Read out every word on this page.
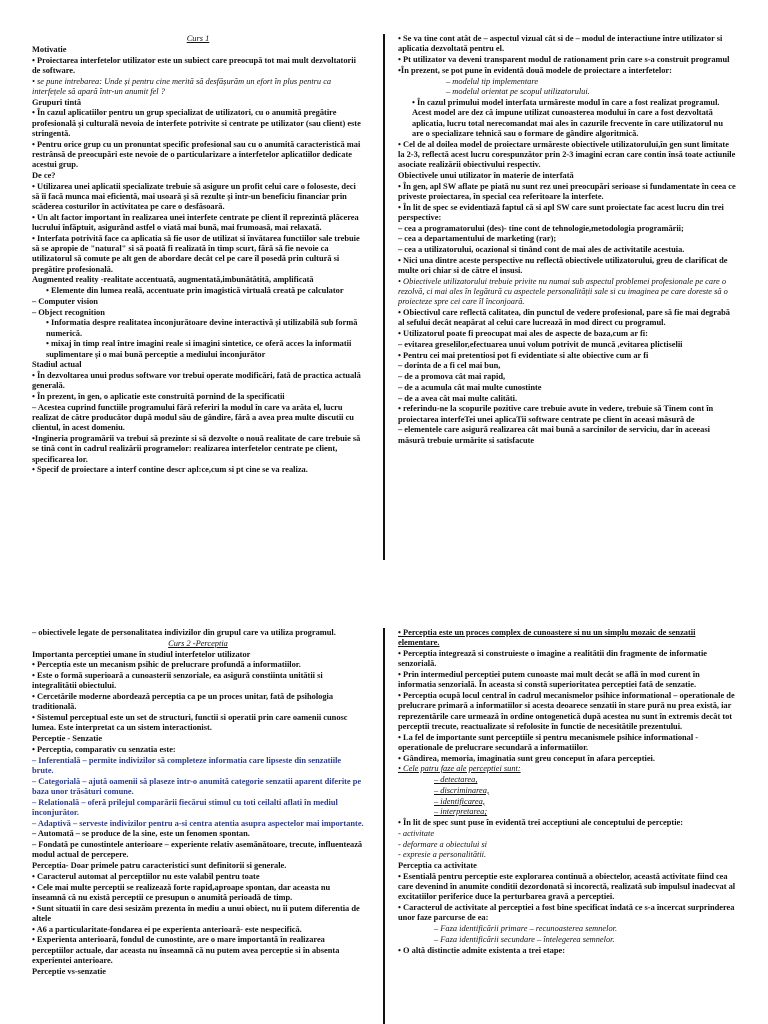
Curs 1

Motivatie

• Proiectarea interfetelor utilizator este un subiect care preocupă tot mai mult dezvoltatorii de software.

• se pune intrebarea: Unde și pentru cine merită să desfășurăm un efort în plus pentru ca interfețele să apară într-un anumit fel ?

Grupuri tintă

• În cazul aplicatiilor pentru un grup specializat de utilizatori, cu o anumită pregătire profesională și culturală nevoia de interfete potrivite si centrate pe utilizator (sau client) este stringentă.

• Pentru orice grup cu un pronuntat specific profesional sau cu o anumită caracteristică mai restrânsă de preocupări este nevoie de o particularizare a interfetelor aplicatiilor dedicate acestui grup.

De ce?

• Utilizarea unei aplicatii specializate trebuie să asigure un profit celui care o foloseste, deci să îi facă munca mai eficientă, mai usoară și să rezulte și într-un beneficiu financiar prin scăderea costurilor în activitatea pe care o desfăsoară.

• Un alt factor important în realizarea unei interfete centrate pe client îl reprezintă plăcerea lucrului înfăptuit, asigurând astfel o viată mai bună, mai frumoasă, mai relaxată.

• Interfata potrivită face ca aplicatia să fie usor de utilizat si învătarea functiilor sale trebuie să se apropie de "natural" si să poată fi realizată în timp scurt, fără să fie nevoie ca utilizatorul să comute pe alt gen de abordare decât cel pe care îl posedă prin cultură si pregătire profesională.

Augmented reality -realitate accentuată, augmentată,imbunătătită, amplificată

• Elemente din lumea reală, accentuate prin imagistică virtuală creată pe calculator

– Computer vision

– Object recognition

• Informatia despre realitatea înconjurătoare devine interactivă și utilizabilă sub formă numerică.

• mixaj în timp real între imagini reale si imagini sintetice, ce oferă acces la informatii suplimentare și o mai bună perceptie a mediului înconjurător

Stadiul actual

• În dezvoltarea unui produs software vor trebui operate modificări, fată de practica actuală generală.

• În prezent, în gen, o aplicatie este construită pornind de la specificatii

– Acestea cuprind functiile programului fără referiri la modul în care va arăta el, lucru realizat de către producător după modul său de gândire, fără a avea prea multe discutii cu clientul, în acest domeniu.

•Ingineria programării va trebui să prezinte si să dezvolte o nouă realitate de care trebuie să se tină cont în cadrul realizării programelor: realizarea interfetelor centrate pe client, specificarea lor.

• Specif de proiectare a interf contine descr apl:ce,cum si pt cine se va realiza.

• Se va tine cont atât de – aspectul vizual cât si de – modul de interactiune între utilizator si aplicatia dezvoltată pentru el.

• Pt utilizator va deveni transparent modul de rationament prin care s-a construit programul

•În prezent, se pot pune în evidentă două modele de proiectare a interfetelor:

– modelul tip implementare

– modelul orientat pe scopul utilizatorului.

• În cazul primului model interfata urmăreste modul în care a fost realizat programul. Acest model are dez că impune utilizat cunoasterea modului în care a fost dezvoltată aplicatia, lucru total nerecomandat mai ales în cazurile frecvente în care utilizatorul nu are o specializare tehnică sau o formare de gândire algoritmică.

• Cel de al doilea model de proiectare urmăreste obiectivele utilizatorului,în gen sunt limitate la 2-3, reflectă acest lucru corespunzător prin 2-3 imagini ecran care contin însă toate actiunile asociate realizării obiectivului respectiv.

Obiectivele unui utilizator în materie de interfată

• În gen, apl SW aflate pe piată nu sunt rez unei preocupări serioase si fundamentate în ceea ce priveste proiectarea, în special cea referitoare la interfete.

• În lit de spec se evidentiază faptul că si apl SW care sunt proiectate fac acest lucru din trei perspective:

– cea a programatorului (des)- tine cont de tehnologie,metodologia programării;

– cea a departamentului de marketing (rar);

– cea a utilizatorului, ocazional si tinând cont de mai ales de activitatile acestuia.

• Nici una dintre aceste perspective nu reflectă obiectivele utilizatorului, greu de clarificat de multe ori chiar si de către el insusi.

• Obiectivele utilizatorului trebuie privite nu numai sub aspectul problemei profesionale pe care o rezolvă, ci mai ales în legătură cu aspectele personalității sale si cu imaginea pe care doreste să o proiecteze spre cei care îl înconjoară.

• Obiectivul care reflectă calitatea, din punctul de vedere profesional, pare să fie mai degrabă al sefului decât neapărat al celui care lucrează în mod direct cu programul.

• Utilizatorul poate fi preocupat mai ales de aspecte de baza,cum ar fi:

– evitarea greselilor,efectuarea unui volum potrivit de muncă ,evitarea plictiselii

• Pentru cei mai pretentiosi pot fi evidentiate si alte obiective cum ar fi

– dorinta de a fi cel mai bun,

– de a promova cât mai rapid,

– de a acumula cât mai multe cunostinte

– de a avea cât mai multe calităti.

• referindu-ne la scopurile pozitive care trebuie avute în vedere, trebuie să Tinem cont în proiectarea interfeTei unei aplicaTii software centrate pe client în aceasi măsură de

– elementele care asigură realizarea cât mai bună a sarcinilor de serviciu, dar în aceeasi măsură trebuie urmărite si satisfacute

– obiectivele legate de personalitatea indivizilor din grupul care va utiliza programul.

Curs 2 -Perceptia

Importanta perceptiei umane în studiul interfetelor utilizator

• Perceptia este un mecanism psihic de prelucrare profundă a informatiilor.

• Este o formă superioară a cunoasterii senzoriale, ea asigură constiinta unitătii si integralitătii obiectului.

• Cercetările moderne abordează perceptia ca pe un proces unitar, fată de psihologia traditională.

• Sistemul perceptual este un set de structuri, functii si operatii prin care oamenii cunosc lumea. Este interpretat ca un sistem interactionist.

Perceptie - Senzatie

• Perceptia, comparativ cu senzatia este:

– Inferentială – permite indivizilor să completeze informatia care lipseste din senzatiile brute.

– Categorială – ajută oamenii să plaseze într-o anumită categorie senzatii aparent diferite pe baza unor trăsături comune.

– Relatională – oferă prilejul comparării fiecărui stimul cu toti ceilalti aflati în mediul înconjurător.

– Adaptivă – serveste indivizilor pentru a-si centra atentia asupra aspectelor mai importante.

– Automată – se produce de la sine, este un fenomen spontan.

– Fondată pe cunostintele anterioare – experiente relativ asemănătoare, trecute, influentează modul actual de percepere.

Perceptia- Doar primele patru caracteristici sunt definitorii si generale.

• Caracterul automat al perceptiilor nu este valabil pentru toate

• Cele mai multe perceptii se realizează forte rapid,aproape spontan, dar aceasta nu înseamnă că nu există perceptii ce presupun o anumită perioadă de timp.

• Sunt situatii în care desi sesizăm prezenta în mediu a unui obiect, nu îi putem diferentia de altele

• A6 a particularitate-fondarea ei pe experienta anterioară- este nespecifică.

• Experienta anterioară, fondul de cunostinte, are o mare importantă în realizarea perceptiilor actuale, dar aceasta nu înseamnă că nu putem avea perceptie si în absenta experientei anterioare.

Perceptie vs-senzatie

• Perceptia este un proces complex de cunoastere si nu un simplu mozaic de senzatii elementare.

• Perceptia integrează si construieste o imagine a realitătii din fragmente de informatie senzorială.

• Prin intermediul perceptiei putem cunoaste mai mult decât se află în mod curent în informatia senzorială. În aceasta si constă superioritatea perceptiei fată de senzatie.

• Perceptia ocupă locul central în cadrul mecanismelor psihice informational – operationale de prelucrare primară a informatiilor si acesta deoarece senzatii în stare pură nu prea există, iar reprezentările care urmează în ordine ontogenetică după acestea nu sunt în extremis decât tot perceptii trecute, reactualizate si refolosite în functie de necesitătile prezentului.

• La fel de importante sunt perceptiile si pentru mecanismele psihice informational - operationale de prelucrare secundară a informatiilor.

• Gândirea, memoria, imaginatia sunt greu conceput în afara perceptiei.

• Cele patru faze ale perceptiei sunt:

– detectarea,

– discriminarea,

– identificarea,

– interpretarea;

• În lit de spec sunt puse în evidentă trei acceptiuni ale conceptului de perceptie:

- activitate

- deformare a obiectului si

- expresie a personalitătii.

Perceptia ca activitate

• Esentială pentru perceptie este explorarea continuă a obiectelor, această activitate fiind cea care devenind în anumite conditii dezordonată si incorectă, realizată sub impulsul inadecvat al excitatiilor periferice duce la perturbarea gravă a perceptiei.

• Caracterul de activitate al perceptiei a fost bine specificat îndată ce s-a încercat surprinderea unor faze parcurse de ea:

– Faza identificării primare – recunoasterea semnelor.

– Faza identificării secundare – întelegerea semnelor.

• O altă distinctie admite existenta a trei etape:
